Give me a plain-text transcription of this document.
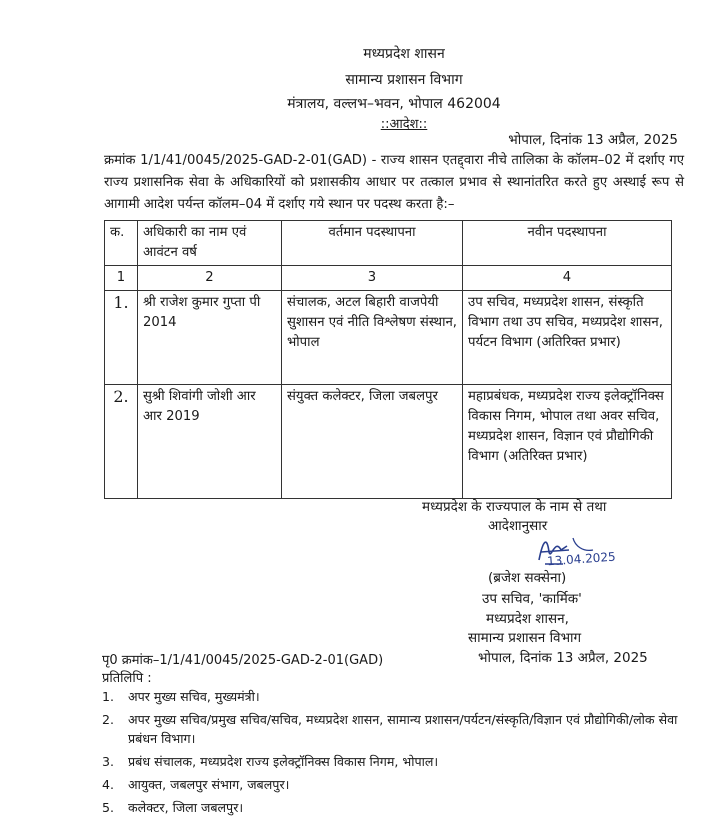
मध्यप्रदेश शासन
सामान्य प्रशासन विभाग
मंत्रालय, वल्लभ–भवन, भोपाल 462004
::आदेश::
भोपाल, दिनांक 13 अप्रैल, 2025
क्रमांक 1/1/41/0045/2025-GAD-2-01(GAD) - राज्य शासन एतद्द्वारा नीचे तालिका के कॉलम–02 में दर्शाए गए राज्य प्रशासनिक सेवा के अधिकारियों को प्रशासकीय आधार पर तत्काल प्रभाव से स्थानांतरित करते हुए अस्थाई रूप से आगामी आदेश पर्यन्त कॉलम–04 में दर्शाए गये स्थान पर पदस्थ करता है:–
क.	अधिकारी का नाम एवं आवंटन वर्ष	वर्तमान पदस्थापना	नवीन पदस्थापना
1	2	3	4
1.	श्री राजेश कुमार गुप्ता पी 2014	संचालक, अटल बिहारी वाजपेयी सुशासन एवं नीति विश्लेषण संस्थान, भोपाल	उप सचिव, मध्यप्रदेश शासन, संस्कृति विभाग तथा उप सचिव, मध्यप्रदेश शासन, पर्यटन विभाग (अतिरिक्त प्रभार)
2.	सुश्री शिवांगी जोशी आर आर 2019	संयुक्त कलेक्टर, जिला जबलपुर	महाप्रबंधक, मध्यप्रदेश राज्य इलेक्ट्रॉनिक्स विकास निगम, भोपाल तथा अवर सचिव, मध्यप्रदेश शासन, विज्ञान एवं प्रौद्योगिकी विभाग (अतिरिक्त प्रभार)
मध्यप्रदेश के राज्यपाल के नाम से तथा
आदेशानुसार
13.04.2025
(ब्रजेश सक्सेना)
उप सचिव, 'कार्मिक'
मध्यप्रदेश शासन,
सामान्य प्रशासन विभाग
पृ0 क्रमांक–1/1/41/0045/2025-GAD-2-01(GAD)	भोपाल, दिनांक 13 अप्रैल, 2025
प्रतिलिपि :
1.	अपर मुख्य सचिव, मुख्यमंत्री।
2.	अपर मुख्य सचिव/प्रमुख सचिव/सचिव, मध्यप्रदेश शासन, सामान्य प्रशासन/पर्यटन/संस्कृति/विज्ञान एवं प्रौद्योगिकी/लोक सेवा प्रबंधन विभाग।
3.	प्रबंध संचालक, मध्यप्रदेश राज्य इलेक्ट्रॉनिक्स विकास निगम, भोपाल।
4.	आयुक्त, जबलपुर संभाग, जबलपुर।
5.	कलेक्टर, जिला जबलपुर।
